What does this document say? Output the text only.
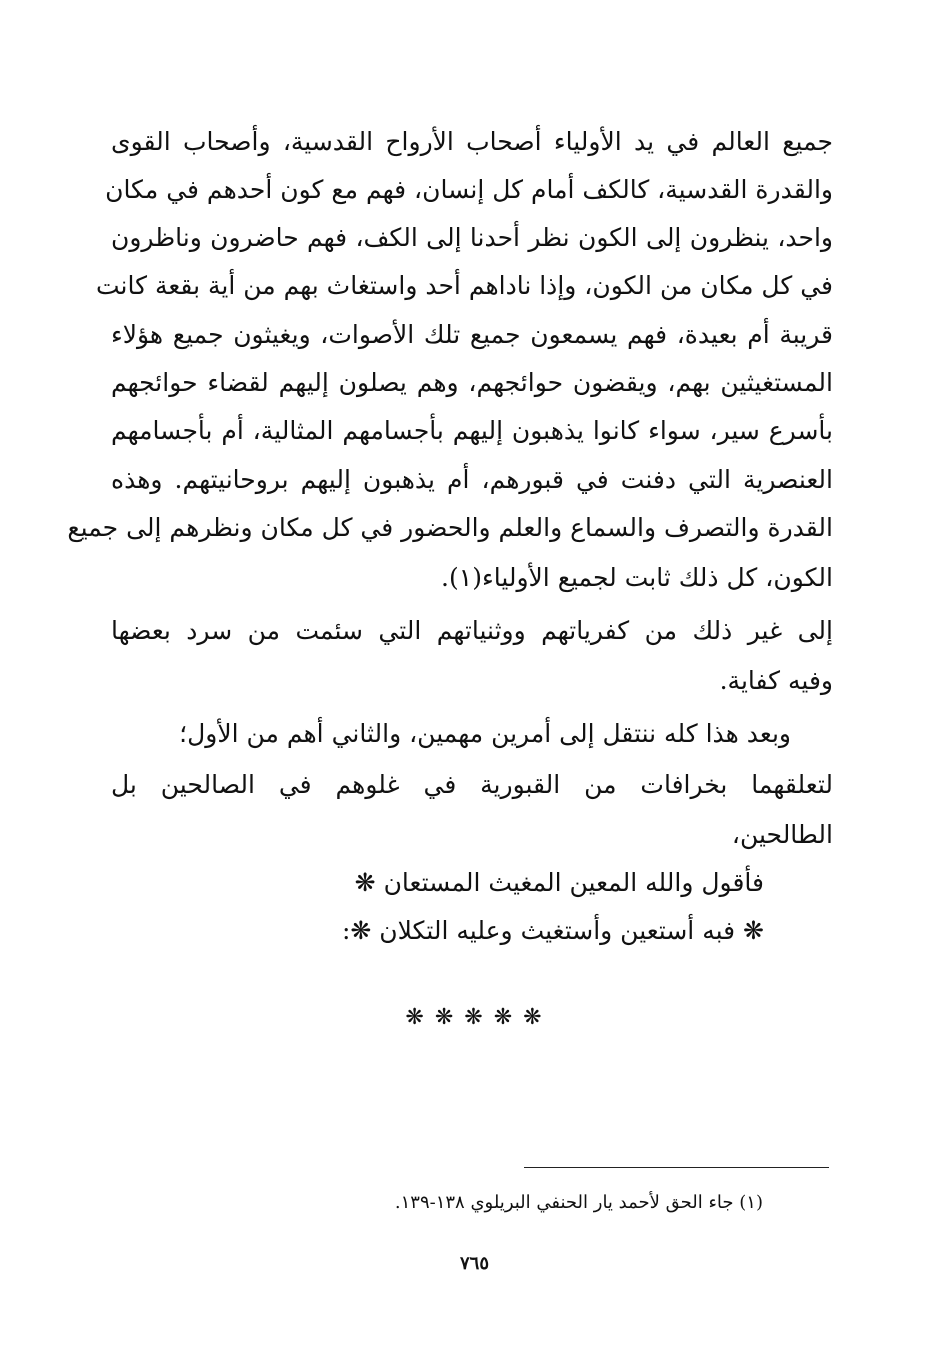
جميع العالم في يد الأولياء أصحاب الأرواح القدسية، وأصحاب القوى
والقدرة القدسية، كالكف أمام كل إنسان، فهم مع كون أحدهم في مكان
واحد، ينظرون إلى الكون نظر أحدنا إلى الكف، فهم حاضرون وناظرون
في كل مكان من الكون، وإذا ناداهم أحد واستغاث بهم من أية بقعة كانت
قريبة أم بعيدة، فهم يسمعون جميع تلك الأصوات، ويغيثون جميع هؤلاء
المستغيثين بهم، ويقضون حوائجهم، وهم يصلون إليهم لقضاء حوائجهم
بأسرع سير، سواء كانوا يذهبون إليهم بأجسامهم المثالية، أم بأجسامهم
العنصرية التي دفنت في قبورهم، أم يذهبون إليهم بروحانيتهم. وهذه
القدرة والتصرف والسماع والعلم والحضور في كل مكان ونظرهم إلى جميع
الكون، كل ذلك ثابت لجميع الأولياء(١).
إلى غير ذلك من كفرياتهم ووثنياتهم التي سئمت من سرد بعضها
وفيه كفاية.
وبعد هذا كله ننتقل إلى أمرين مهمين، والثاني أهم من الأول؛
لتعلقهما بخرافات من القبورية في غلوهم في الصالحين بل
الطالحين،
فأقول والله المعين المغيث المستعان ❋
❋ فبه أستعين وأستغيث وعليه التكلان ❋:
❋ ❋ ❋ ❋ ❋
(١) جاء الحق لأحمد يار الحنفي البريلوي ١٣٨-١٣٩.
٧٦٥
